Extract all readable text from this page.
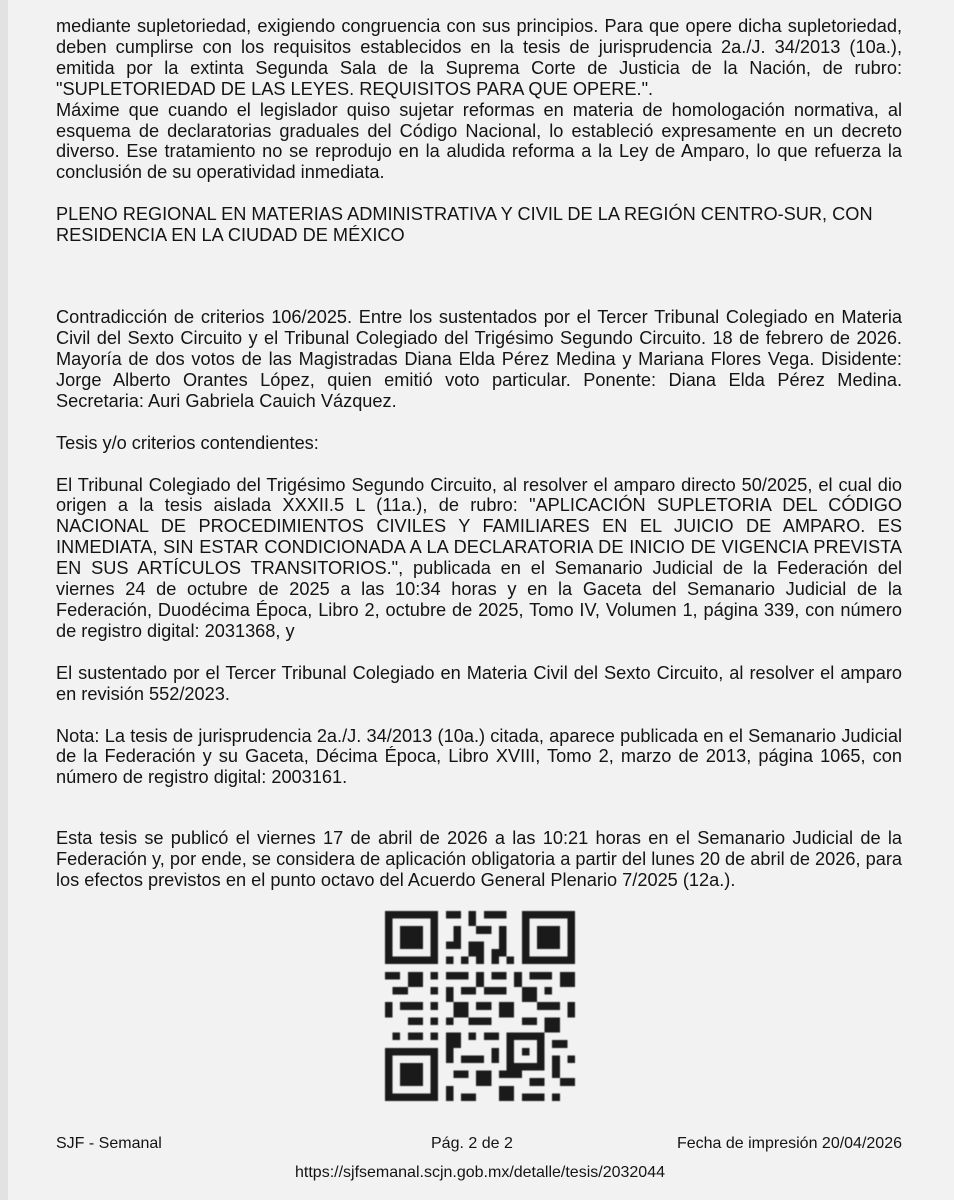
mediante supletoriedad, exigiendo congruencia con sus principios. Para que opere dicha supletoriedad, deben cumplirse con los requisitos establecidos en la tesis de jurisprudencia 2a./J. 34/2013 (10a.), emitida por la extinta Segunda Sala de la Suprema Corte de Justicia de la Nación, de rubro: "SUPLETORIEDAD DE LAS LEYES. REQUISITOS PARA QUE OPERE.".

Máxime que cuando el legislador quiso sujetar reformas en materia de homologación normativa, al esquema de declaratorias graduales del Código Nacional, lo estableció expresamente en un decreto diverso. Ese tratamiento no se reprodujo en la aludida reforma a la Ley de Amparo, lo que refuerza la conclusión de su operatividad inmediata.

PLENO REGIONAL EN MATERIAS ADMINISTRATIVA Y CIVIL DE LA REGIÓN CENTRO-SUR, CON RESIDENCIA EN LA CIUDAD DE MÉXICO

Contradicción de criterios 106/2025. Entre los sustentados por el Tercer Tribunal Colegiado en Materia Civil del Sexto Circuito y el Tribunal Colegiado del Trigésimo Segundo Circuito. 18 de febrero de 2026. Mayoría de dos votos de las Magistradas Diana Elda Pérez Medina y Mariana Flores Vega. Disidente: Jorge Alberto Orantes López, quien emitió voto particular. Ponente: Diana Elda Pérez Medina. Secretaria: Auri Gabriela Cauich Vázquez.

Tesis y/o criterios contendientes:

El Tribunal Colegiado del Trigésimo Segundo Circuito, al resolver el amparo directo 50/2025, el cual dio origen a la tesis aislada XXXII.5 L (11a.), de rubro: "APLICACIÓN SUPLETORIA DEL CÓDIGO NACIONAL DE PROCEDIMIENTOS CIVILES Y FAMILIARES EN EL JUICIO DE AMPARO. ES INMEDIATA, SIN ESTAR CONDICIONADA A LA DECLARATORIA DE INICIO DE VIGENCIA PREVISTA EN SUS ARTÍCULOS TRANSITORIOS.", publicada en el Semanario Judicial de la Federación del viernes 24 de octubre de 2025 a las 10:34 horas y en la Gaceta del Semanario Judicial de la Federación, Duodécima Época, Libro 2, octubre de 2025, Tomo IV, Volumen 1, página 339, con número de registro digital: 2031368, y

El sustentado por el Tercer Tribunal Colegiado en Materia Civil del Sexto Circuito, al resolver el amparo en revisión 552/2023.

Nota: La tesis de jurisprudencia 2a./J. 34/2013 (10a.) citada, aparece publicada en el Semanario Judicial de la Federación y su Gaceta, Décima Época, Libro XVIII, Tomo 2, marzo de 2013, página 1065, con número de registro digital: 2003161.

Esta tesis se publicó el viernes 17 de abril de 2026 a las 10:21 horas en el Semanario Judicial de la Federación y, por ende, se considera de aplicación obligatoria a partir del lunes 20 de abril de 2026, para los efectos previstos en el punto octavo del Acuerdo General Plenario 7/2025 (12a.).

SJF - Semanal	Pág. 2 de 2	Fecha de impresión 20/04/2026
https://sjfsemanal.scjn.gob.mx/detalle/tesis/2032044
